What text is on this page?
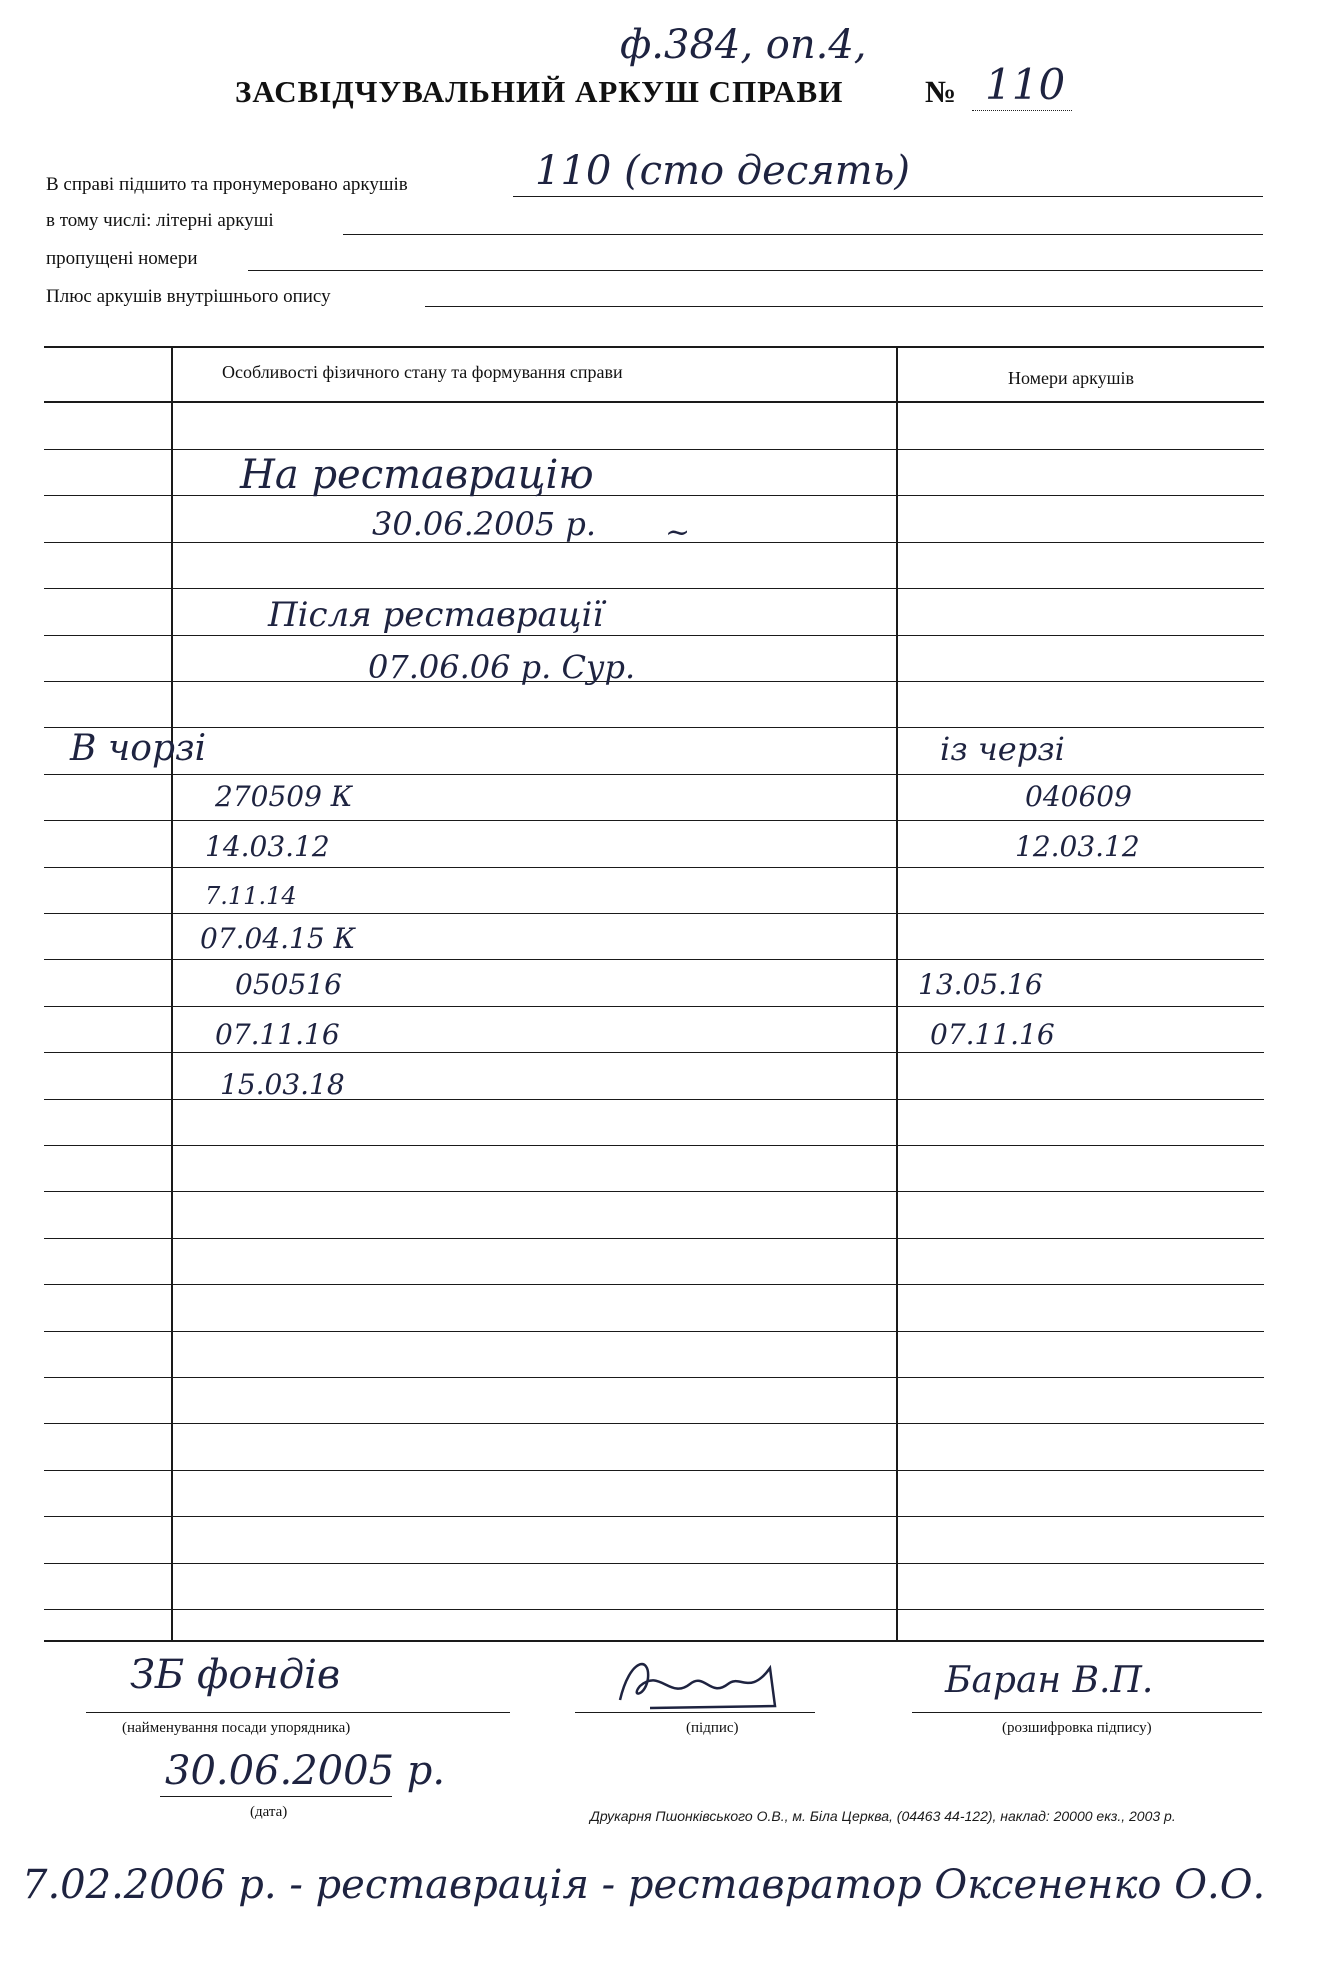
ф.384, оп.4,
ЗАСВІДЧУВАЛЬНИЙ АРКУШ СПРАВИ	№ 110
В справі підшито та пронумеровано аркушів	110 (сто десять)
в тому числі: літерні аркуші
пропущені номери
Плюс аркушів внутрішнього опису
Особливості фізичного стану та формування справи	Номери аркушів
На реставрацію
30.06.2005 р. ~
Після реставрації
07.06.06 р. Сур.
В чорзі	із черзі
270509 К	040609
14.03.12	12.03.12
7.11.14
07.04.15 К
050516	13.05.16
07.11.16	07.11.16
15.03.18
ЗБ фондів
(найменування посади упорядника)	(підпис)
Баран В.П.
(розшифровка підпису)
30.06.2005 р.
(дата)	Друкарня Пшонківського О.В., м. Біла Церква, (04463 44-122), наклад: 20000 екз., 2003 р.
7.02.2006 р. - реставрація - реставратор Оксененко О.О.
